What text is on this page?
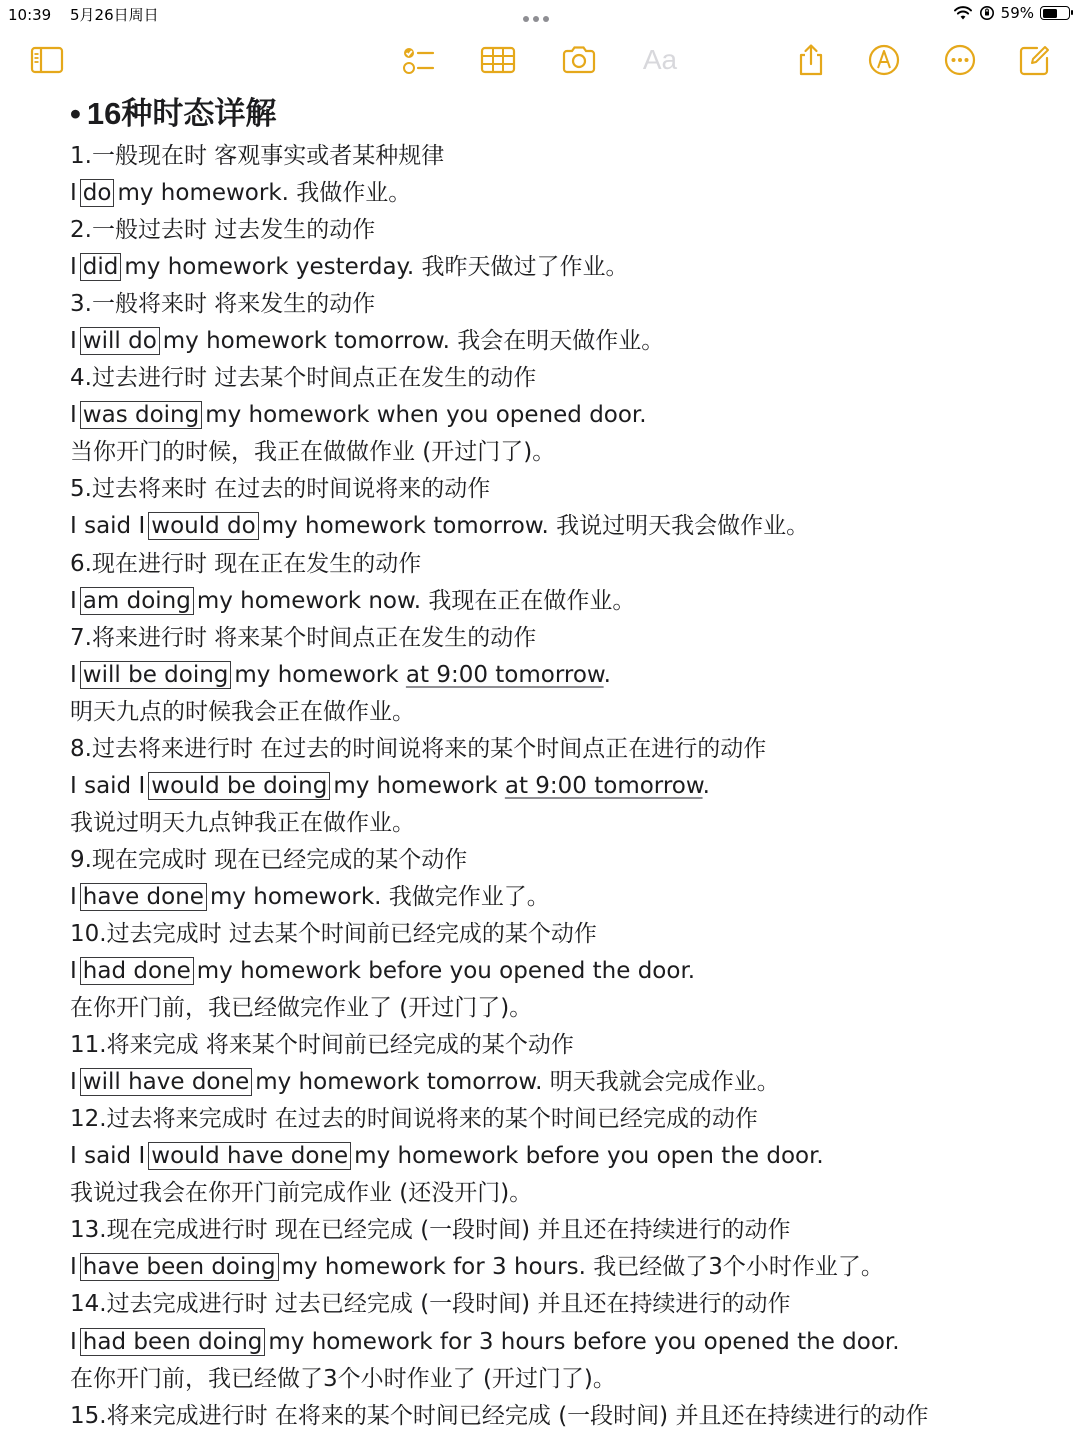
10:39 5月26日周日	59%
Aa
• 16种时态详解
1.一般现在时 客观事实或者某种规律
I do my homework. 我做作业。
2.一般过去时 过去发生的动作
I did my homework yesterday. 我昨天做过了作业。
3.一般将来时 将来发生的动作
I will do my homework tomorrow. 我会在明天做作业。
4.过去进行时 过去某个时间点正在发生的动作
I was doing my homework when you opened door.
当你开门的时候，我正在做做作业 (开过门了)。
5.过去将来时 在过去的时间说将来的动作
I said I would do my homework tomorrow. 我说过明天我会做作业。
6.现在进行时 现在正在发生的动作
I am doing my homework now. 我现在正在做作业。
7.将来进行时 将来某个时间点正在发生的动作
I will be doing my homework at 9:00 tomorrow.
明天九点的时候我会正在做作业。
8.过去将来进行时 在过去的时间说将来的某个时间点正在进行的动作
I said I would be doing my homework at 9:00 tomorrow.
我说过明天九点钟我正在做作业。
9.现在完成时 现在已经完成的某个动作
I have done my homework. 我做完作业了。
10.过去完成时 过去某个时间前已经完成的某个动作
I had done my homework before you opened the door.
在你开门前，我已经做完作业了 (开过门了)。
11.将来完成 将来某个时间前已经完成的某个动作
I will have done my homework tomorrow. 明天我就会完成作业。
12.过去将来完成时 在过去的时间说将来的某个时间已经完成的动作
I said I would have done my homework before you open the door.
我说过我会在你开门前完成作业 (还没开门)。
13.现在完成进行时 现在已经完成 (一段时间) 并且还在持续进行的动作
I have been doing my homework for 3 hours. 我已经做了3个小时作业了。
14.过去完成进行时 过去已经完成 (一段时间) 并且还在持续进行的动作
I had been doing my homework for 3 hours before you opened the door.
在你开门前，我已经做了3个小时作业了 (开过门了)。
15.将来完成进行时 在将来的某个时间已经完成 (一段时间) 并且还在持续进行的动作
